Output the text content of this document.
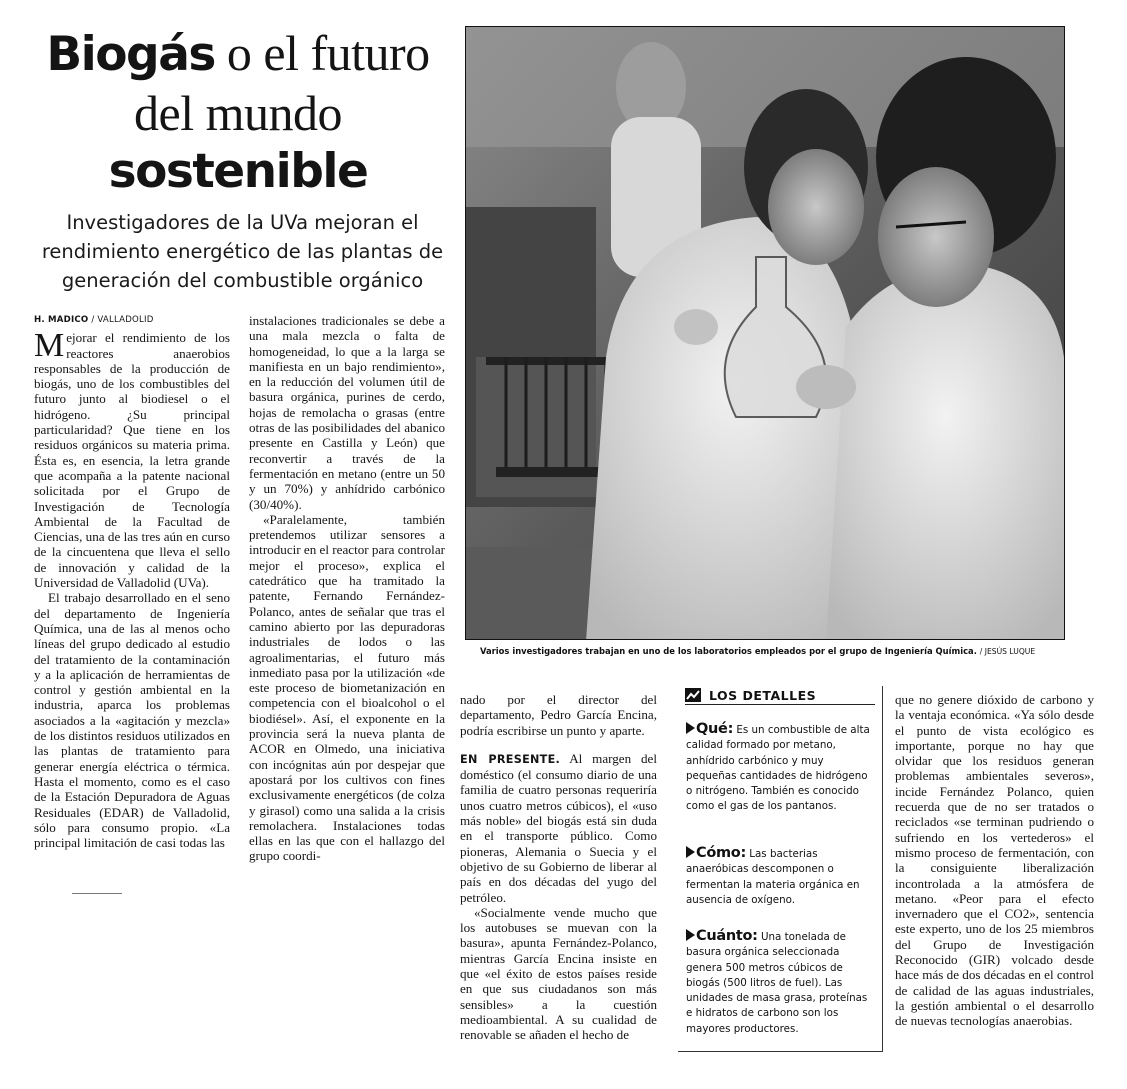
Biogás o el futuro
del mundo
sostenible
Investigadores de la UVa mejoran el rendimiento energético de las plantas de generación del combustible orgánico
Varios investigadores trabajan en uno de los laboratorios empleados por el grupo de Ingeniería Química. / JESÚS LUQUE
H. MADICO / VALLADOLID

Mejorar el rendimiento de los reactores anaerobios responsables de la producción de biogás, uno de los combustibles del futuro junto al biodiesel o el hidrógeno. ¿Su principal particularidad? Que tiene en los residuos orgánicos su materia prima. Ésta es, en esencia, la letra grande que acompaña a la patente nacional solicitada por el Grupo de Investigación de Tecnología Ambiental de la Facultad de Ciencias, una de las tres aún en curso de la cincuentena que lleva el sello de innovación y calidad de la Universidad de Valladolid (UVa).

El trabajo desarrollado en el seno del departamento de Ingeniería Química, una de las al menos ocho líneas del grupo dedicado al estudio del tratamiento de la contaminación y a la aplicación de herramientas de control y gestión ambiental en la industria, aparca los problemas asociados a la «agitación y mezcla» de los distintos residuos utilizados en las plantas de tratamiento para generar energía eléctrica o térmica. Hasta el momento, como es el caso de la Estación Depuradora de Aguas Residuales (EDAR) de Valladolid, sólo para consumo propio. «La principal limitación de casi todas las

instalaciones tradicionales se debe a una mala mezcla o falta de homogeneidad, lo que a la larga se manifiesta en un bajo rendimiento», en la reducción del volumen útil de basura orgánica, purines de cerdo, hojas de remolacha o grasas (entre otras de las posibilidades del abanico presente en Castilla y León) que reconvertir a través de la fermentación en metano (entre un 50 y un 70%) y anhídrido carbónico (30/40%).

«Paralelamente, también pretendemos utilizar sensores a introducir en el reactor para controlar mejor el proceso», explica el catedrático que ha tramitado la patente, Fernando Fernández-Polanco, antes de señalar que tras el camino abierto por las depuradoras industriales de lodos o las agroalimentarias, el futuro más inmediato pasa por la utilización «de este proceso de biometanización en competencia con el bioalcohol o el biodiésel». Así, el exponente en la provincia será la nueva planta de ACOR en Olmedo, una iniciativa con incógnitas aún por despejar que apostará por los cultivos con fines exclusivamente energéticos (de colza y girasol) como una salida a la crisis remolachera. Instalaciones todas ellas en las que con el hallazgo del grupo coordi-

nado por el director del departamento, Pedro García Encina, podría escribirse un punto y aparte.

EN PRESENTE. Al margen del doméstico (el consumo diario de una familia de cuatro personas requeriría unos cuatro metros cúbicos), el «uso más noble» del biogás está sin duda en el transporte público. Como pioneras, Alemania o Suecia y el objetivo de su Gobierno de liberar al país en dos décadas del yugo del petróleo.

«Socialmente vende mucho que los autobuses se muevan con la basura», apunta Fernández-Polanco, mientras García Encina insiste en que «el éxito de estos países reside en que sus ciudadanos son más sensibles» a la cuestión medioambiental. A su cualidad de renovable se añaden el hecho de

LOS DETALLES
Qué: Es un combustible de alta calidad formado por metano, anhídrido carbónico y muy pequeñas cantidades de hidrógeno o nitrógeno. También es conocido como el gas de los pantanos.
Cómo: Las bacterias anaeróbicas descomponen o fermentan la materia orgánica en ausencia de oxígeno.
Cuánto: Una tonelada de basura orgánica seleccionada genera 500 metros cúbicos de biogás (500 litros de fuel). Las unidades de masa grasa, proteínas e hidratos de carbono son los mayores productores.

que no genere dióxido de carbono y la ventaja económica. «Ya sólo desde el punto de vista ecológico es importante, porque no hay que olvidar que los residuos generan problemas ambientales severos», incide Fernández Polanco, quien recuerda que de no ser tratados o reciclados «se terminan pudriendo o sufriendo en los vertederos» el mismo proceso de fermentación, con la consiguiente liberalización incontrolada a la atmósfera de metano. «Peor para el efecto invernadero que el CO2», sentencia este experto, uno de los 25 miembros del Grupo de Investigación Reconocido (GIR) volcado desde hace más de dos décadas en el control de calidad de las aguas industriales, la gestión ambiental o el desarrollo de nuevas tecnologías anaerobias.
